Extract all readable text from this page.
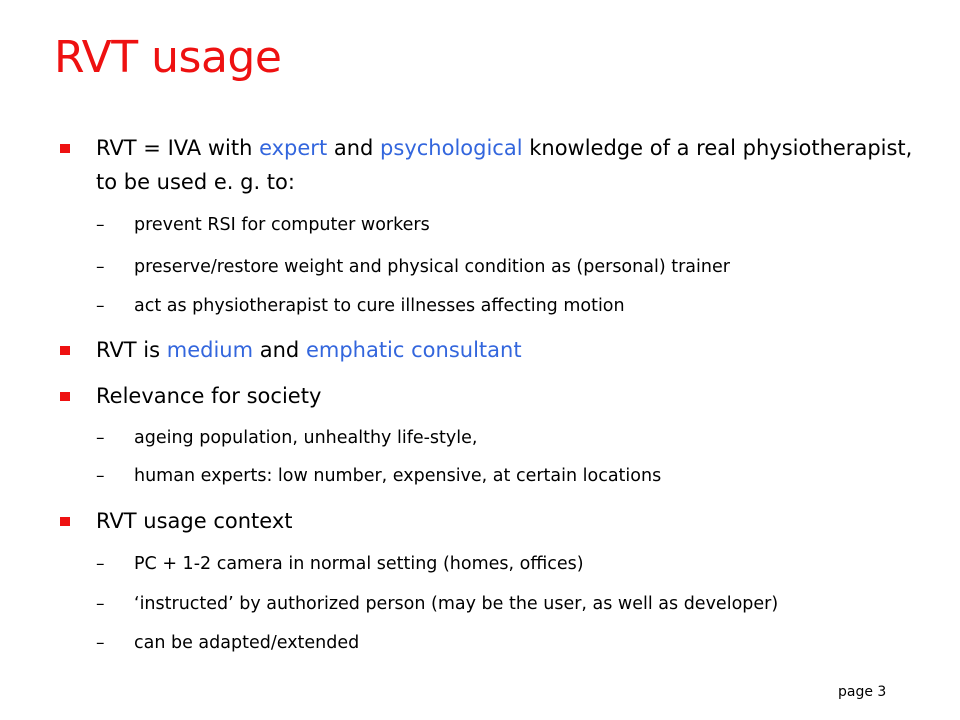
RVT usage
RVT = IVA with expert and psychological knowledge of a real physiotherapist, to be used e. g. to:
– prevent RSI for computer workers
– preserve/restore weight and physical condition as (personal) trainer
– act as physiotherapist to cure illnesses affecting motion
RVT is medium and emphatic consultant
Relevance for society
– ageing population, unhealthy life-style,
– human experts: low number, expensive, at certain locations
RVT usage context
– PC + 1-2 camera in normal setting (homes, offices)
– ‘instructed’ by authorized person (may be the user, as well as developer)
– can be adapted/extended
page 3
